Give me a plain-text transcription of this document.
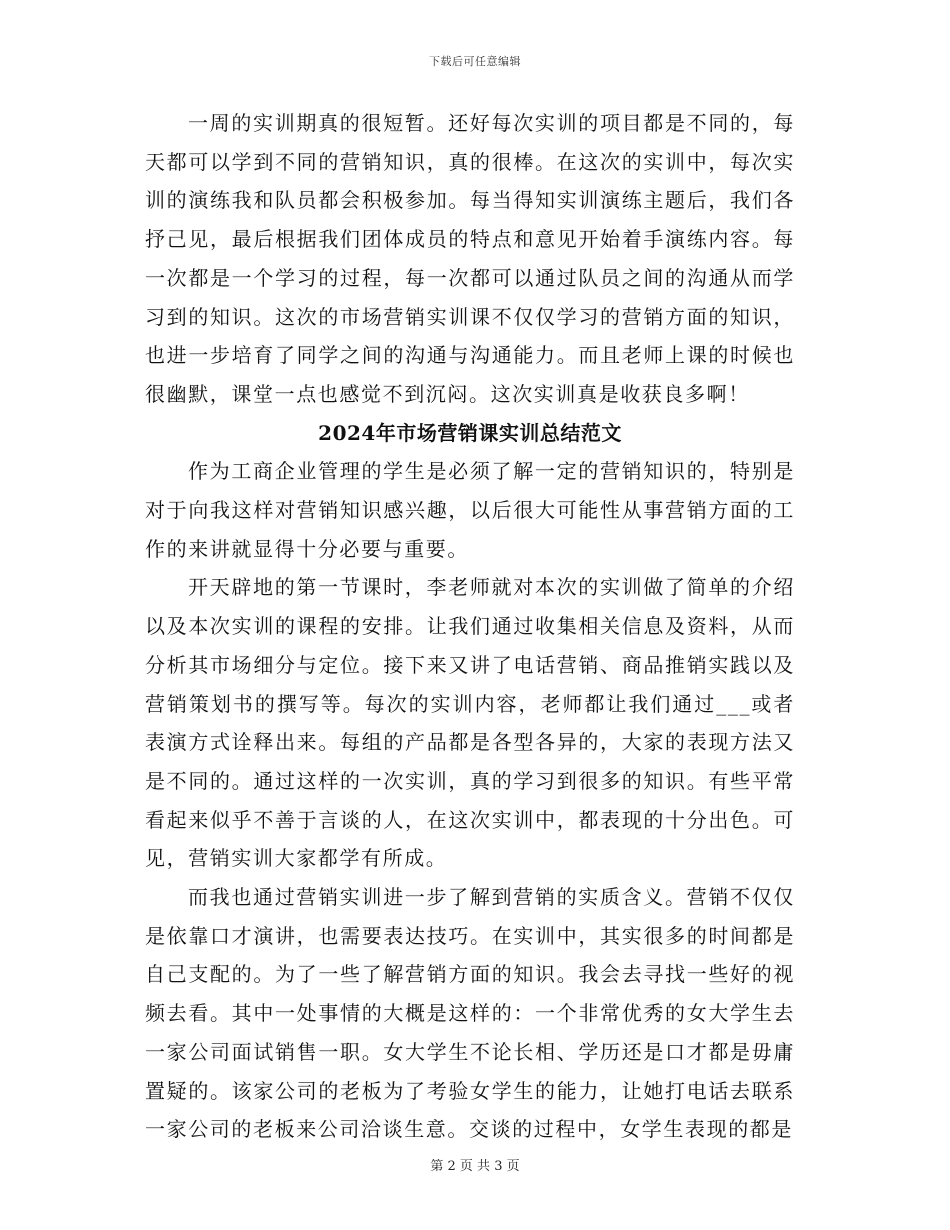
下载后可任意编辑

一周的实训期真的很短暂。还好每次实训的项目都是不同的，每天都可以学到不同的营销知识，真的很棒。在这次的实训中，每次实训的演练我和队员都会积极参加。每当得知实训演练主题后，我们各抒己见，最后根据我们团体成员的特点和意见开始着手演练内容。每一次都是一个学习的过程，每一次都可以通过队员之间的沟通从而学习到的知识。这次的市场营销实训课不仅仅学习的营销方面的知识，也进一步培育了同学之间的沟通与沟通能力。而且老师上课的时候也很幽默，课堂一点也感觉不到沉闷。这次实训真是收获良多啊！

2024年市场营销课实训总结范文

作为工商企业管理的学生是必须了解一定的营销知识的，特别是对于向我这样对营销知识感兴趣，以后很大可能性从事营销方面的工作的来讲就显得十分必要与重要。

开天辟地的第一节课时，李老师就对本次的实训做了简单的介绍以及本次实训的课程的安排。让我们通过收集相关信息及资料，从而分析其市场细分与定位。接下来又讲了电话营销、商品推销实践以及营销策划书的撰写等。每次的实训内容，老师都让我们通过___或者表演方式诠释出来。每组的产品都是各型各异的，大家的表现方法又是不同的。通过这样的一次实训，真的学习到很多的知识。有些平常看起来似乎不善于言谈的人，在这次实训中，都表现的十分出色。可见，营销实训大家都学有所成。

而我也通过营销实训进一步了解到营销的实质含义。营销不仅仅是依靠口才演讲，也需要表达技巧。在实训中，其实很多的时间都是自己支配的。为了一些了解营销方面的知识。我会去寻找一些好的视频去看。其中一处事情的大概是这样的：一个非常优秀的女大学生去一家公司面试销售一职。女大学生不论长相、学历还是口才都是毋庸置疑的。该家公司的老板为了考验女学生的能力，让她打电话去联系一家公司的老板来公司洽谈生意。交谈的过程中，女学生表现的都是

第 2 页 共 3 页
